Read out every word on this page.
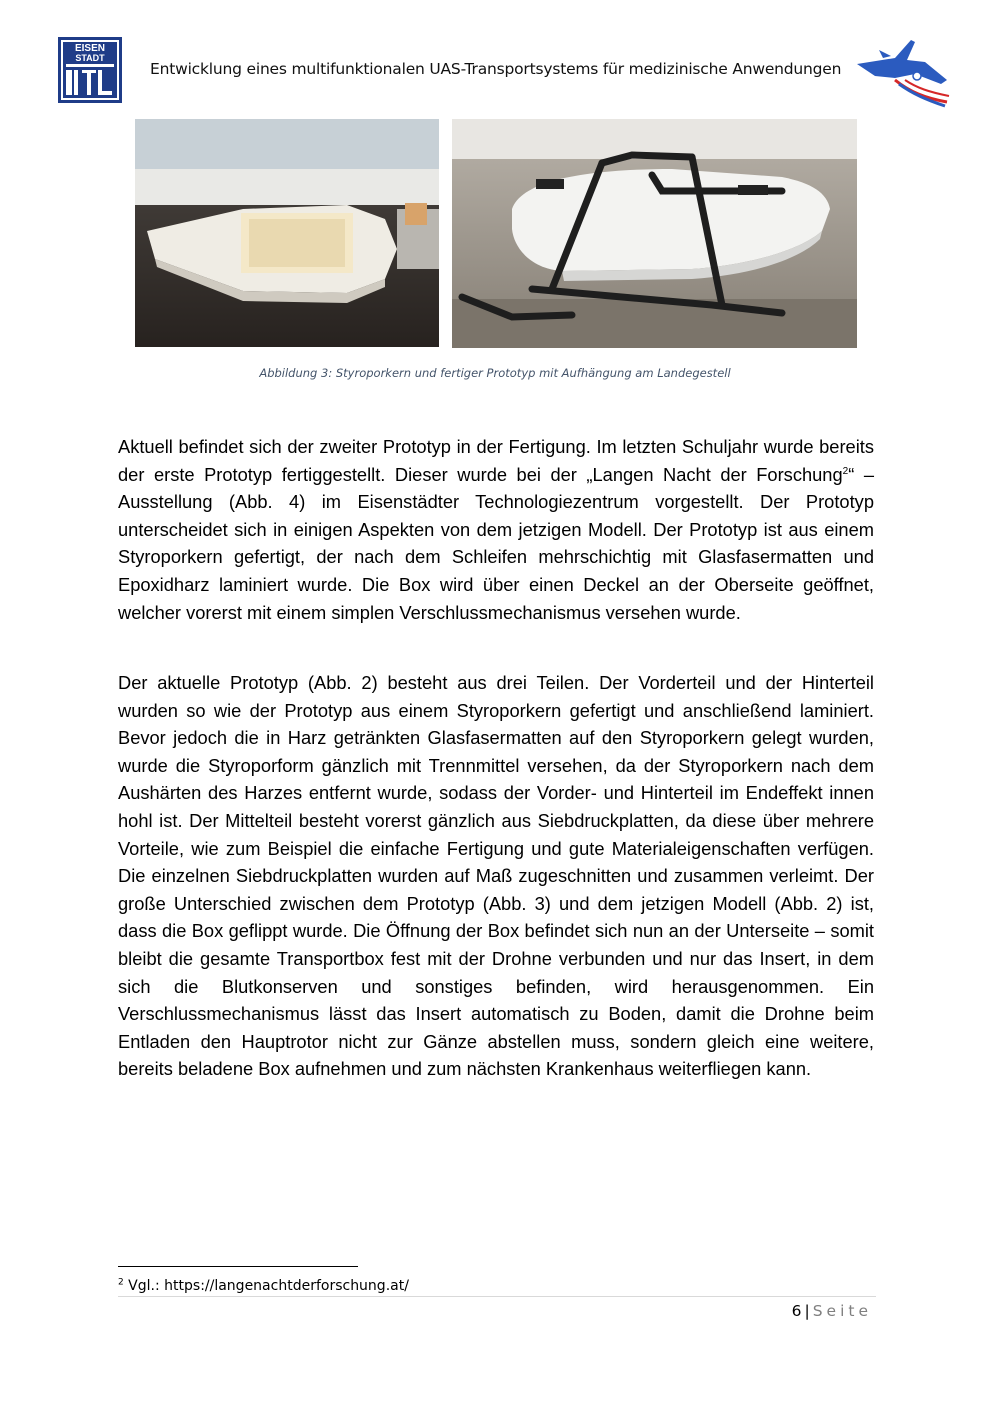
EISEN
STADT
Entwicklung eines multifunktionalen UAS-Transportsystems für medizinische Anwendungen
Abbildung 3: Styroporkern und fertiger Prototyp mit Aufhängung am Landegestell

Aktuell befindet sich der zweiter Prototyp in der Fertigung. Im letzten Schuljahr wurde bereits der erste Prototyp fertiggestellt. Dieser wurde bei der „Langen Nacht der Forschung$^2$“ – Ausstellung (Abb. 4) im Eisenstädter Technologiezentrum vorgestellt. Der Prototyp unterscheidet sich in einigen Aspekten von dem jetzigen Modell. Der Prototyp ist aus einem Styroporkern gefertigt, der nach dem Schleifen mehrschichtig mit Glasfasermatten und Epoxidharz laminiert wurde. Die Box wird über einen Deckel an der Oberseite geöffnet, welcher vorerst mit einem simplen Verschlussmechanismus versehen wurde.

Der aktuelle Prototyp (Abb. 2) besteht aus drei Teilen. Der Vorderteil und der Hinterteil wurden so wie der Prototyp aus einem Styroporkern gefertigt und anschließend laminiert. Bevor jedoch die in Harz getränkten Glasfasermatten auf den Styroporkern gelegt wurden, wurde die Styroporform gänzlich mit Trennmittel versehen, da der Styroporkern nach dem Aushärten des Harzes entfernt wurde, sodass der Vorder- und Hinterteil im Endeffekt innen hohl ist. Der Mittelteil besteht vorerst gänzlich aus Siebdruckplatten, da diese über mehrere Vorteile, wie zum Beispiel die einfache Fertigung und gute Materialeigenschaften verfügen. Die einzelnen Siebdruckplatten wurden auf Maß zugeschnitten und zusammen verleimt. Der große Unterschied zwischen dem Prototyp (Abb. 3) und dem jetzigen Modell (Abb. 2) ist, dass die Box geflippt wurde. Die Öffnung der Box befindet sich nun an der Unterseite – somit bleibt die gesamte Transportbox fest mit der Drohne verbunden und nur das Insert, in dem sich die Blutkonserven und sonstiges befinden, wird herausgenommen. Ein Verschlussmechanismus lässt das Insert automatisch zu Boden, damit die Drohne beim Entladen den Hauptrotor nicht zur Gänze abstellen muss, sondern gleich eine weitere, bereits beladene Box aufnehmen und zum nächsten Krankenhaus weiterfliegen kann.

$^2$ Vgl.: https://langenachtderforschung.at/
6 | Seite
